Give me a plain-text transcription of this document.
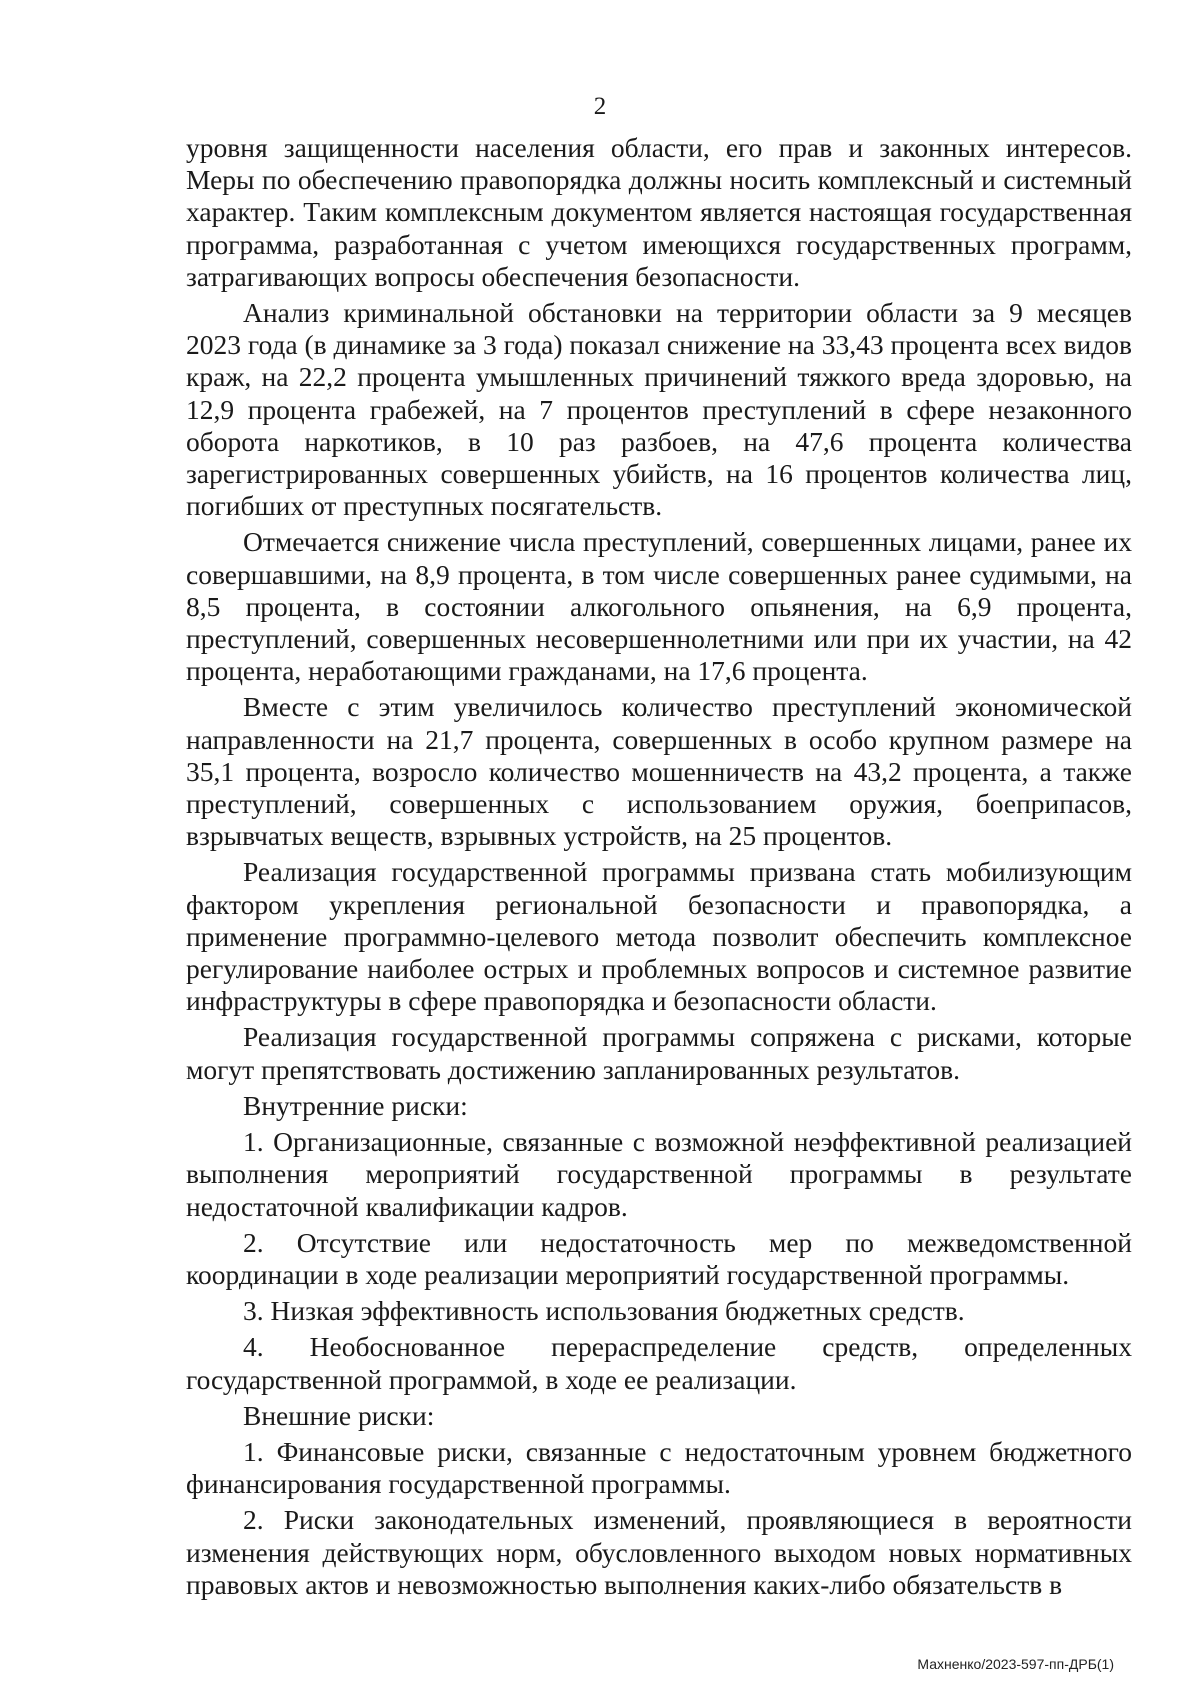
2

уровня защищенности населения области, его прав и законных интересов. Меры по обеспечению правопорядка должны носить комплексный и системный характер. Таким комплексным документом является настоящая государственная программа, разработанная с учетом имеющихся государственных программ, затрагивающих вопросы обеспечения безопасности.

Анализ криминальной обстановки на территории области за 9 месяцев 2023 года (в динамике за 3 года) показал снижение на 33,43 процента всех видов краж, на 22,2 процента умышленных причинений тяжкого вреда здоровью, на 12,9 процента грабежей, на 7 процентов преступлений в сфере незаконного оборота наркотиков, в 10 раз разбоев, на 47,6 процента количества зарегистрированных совершенных убийств, на 16 процентов количества лиц, погибших от преступных посягательств.

Отмечается снижение числа преступлений, совершенных лицами, ранее их совершавшими, на 8,9 процента, в том числе совершенных ранее судимыми, на 8,5 процента, в состоянии алкогольного опьянения, на 6,9 процента, преступлений, совершенных несовершеннолетними или при их участии, на 42 процента, неработающими гражданами, на 17,6 процента.

Вместе с этим увеличилось количество преступлений экономической направленности на 21,7 процента, совершенных в особо крупном размере на 35,1 процента, возросло количество мошенничеств на 43,2 процента, а также преступлений, совершенных с использованием оружия, боеприпасов, взрывчатых веществ, взрывных устройств, на 25 процентов.

Реализация государственной программы призвана стать мобилизующим фактором укрепления региональной безопасности и правопорядка, а применение программно-целевого метода позволит обеспечить комплексное регулирование наиболее острых и проблемных вопросов и системное развитие инфраструктуры в сфере правопорядка и безопасности области.

Реализация государственной программы сопряжена с рисками, которые могут препятствовать достижению запланированных результатов.

Внутренние риски:

1. Организационные, связанные с возможной неэффективной реализацией выполнения мероприятий государственной программы в результате недостаточной квалификации кадров.

2. Отсутствие или недостаточность мер по межведомственной координации в ходе реализации мероприятий государственной программы.

3. Низкая эффективность использования бюджетных средств.

4. Необоснованное перераспределение средств, определенных государственной программой, в ходе ее реализации.

Внешние риски:

1. Финансовые риски, связанные с недостаточным уровнем бюджетного финансирования государственной программы.

2. Риски законодательных изменений, проявляющиеся в вероятности изменения действующих норм, обусловленного выходом новых нормативных правовых актов и невозможностью выполнения каких-либо обязательств в

Махненко/2023-597-пп-ДРБ(1)
